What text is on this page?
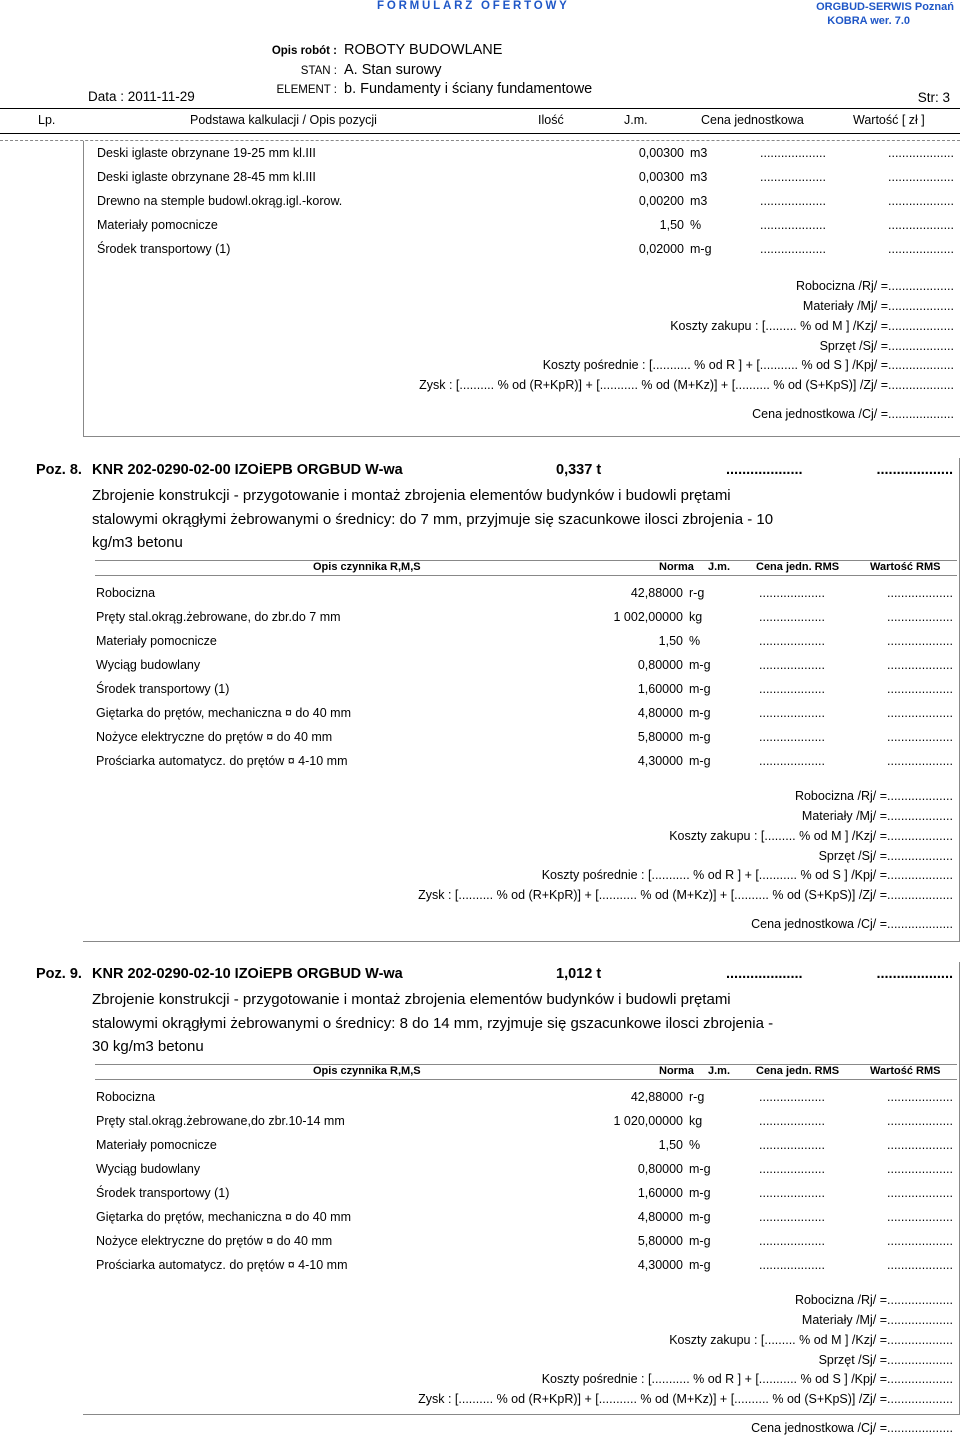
FORMULARZ OFERTOWY	ORGBUD-SERWIS Poznań
KOBRA wer. 7.0
Opis robót : ROBOTY BUDOWLANE
STAN : A. Stan surowy
ELEMENT : b. Fundamenty i ściany fundamentowe
Data : 2011-11-29	Str: 3
Lp.	Podstawa kalkulacji / Opis pozycji	Ilość	J.m.	Cena jednostkowa	Wartość [ zł ]
Deski iglaste obrzynane 19-25 mm kl.III	0,00300 m3	...................	...................
Deski iglaste obrzynane 28-45 mm kl.III	0,00300 m3	...................	...................
Drewno na stemple budowl.okrąg.igl.-korow.	0,00200 m3	...................	...................
Materiały pomocnicze	1,50 %	...................	...................
Środek transportowy (1)	0,02000 m-g	...................	...................
Robocizna /Rj/ =...................
Materiały /Mj/ =...................
Koszty zakupu : [......... % od M ] /Kzj/ =...................
Sprzęt /Sj/ =...................
Koszty pośrednie : [........... % od R ] + [........... % od S ] /Kpj/ =...................
Zysk : [.......... % od (R+KpR)] + [........... % od (M+Kz)] + [.......... % od (S+KpS)] /Zj/ =...................
Cena jednostkowa /Cj/ =...................
Poz. 8. KNR 202-0290-02-00 IZOiEPB ORGBUD W-wa	0,337 t	...................	...................
Zbrojenie konstrukcji - przygotowanie i montaż zbrojenia elementów budynków i budowli prętami stalowymi okrągłymi żebrowanymi o średnicy: do 7 mm, przyjmuje się szacunkowe ilosci zbrojenia - 10 kg/m3 betonu
Opis czynnika R,M,S	Norma J.m. Cena jedn. RMS	Wartość RMS
Robocizna	42,88000 r-g	...................	...................
Pręty stal.okrąg.żebrowane, do zbr.do 7 mm	1 002,00000 kg	...................	...................
Materiały pomocnicze	1,50 %	...................	...................
Wyciąg budowlany	0,80000 m-g	...................	...................
Środek transportowy (1)	1,60000 m-g	...................	...................
Giętarka do prętów, mechaniczna ¤ do 40 mm	4,80000 m-g	...................	...................
Nożyce elektryczne do prętów ¤ do 40 mm	5,80000 m-g	...................	...................
Prościarka automatycz. do prętów ¤ 4-10 mm	4,30000 m-g	...................	...................
Robocizna /Rj/ =...................
Materiały /Mj/ =...................
Koszty zakupu : [......... % od M ] /Kzj/ =...................
Sprzęt /Sj/ =...................
Koszty pośrednie : [........... % od R ] + [........... % od S ] /Kpj/ =...................
Zysk : [.......... % od (R+KpR)] + [........... % od (M+Kz)] + [.......... % od (S+KpS)] /Zj/ =...................
Cena jednostkowa /Cj/ =...................
Poz. 9. KNR 202-0290-02-10 IZOiEPB ORGBUD W-wa	1,012 t	...................	...................
Zbrojenie konstrukcji - przygotowanie i montaż zbrojenia elementów budynków i budowli prętami stalowymi okrągłymi żebrowanymi o średnicy: 8 do 14 mm, rzyjmuje się gszacunkowe ilosci zbrojenia - 30 kg/m3 betonu
Opis czynnika R,M,S	Norma J.m. Cena jedn. RMS	Wartość RMS
Robocizna	42,88000 r-g	...................	...................
Pręty stal.okrąg.żebrowane,do zbr.10-14 mm	1 020,00000 kg	...................	...................
Materiały pomocnicze	1,50 %	...................	...................
Wyciąg budowlany	0,80000 m-g	...................	...................
Środek transportowy (1)	1,60000 m-g	...................	...................
Giętarka do prętów, mechaniczna ¤ do 40 mm	4,80000 m-g	...................	...................
Nożyce elektryczne do prętów ¤ do 40 mm	5,80000 m-g	...................	...................
Prościarka automatycz. do prętów ¤ 4-10 mm	4,30000 m-g	...................	...................
Robocizna /Rj/ =...................
Materiały /Mj/ =...................
Koszty zakupu : [......... % od M ] /Kzj/ =...................
Sprzęt /Sj/ =...................
Koszty pośrednie : [........... % od R ] + [........... % od S ] /Kpj/ =...................
Zysk : [.......... % od (R+KpR)] + [........... % od (M+Kz)] + [.......... % od (S+KpS)] /Zj/ =...................
Cena jednostkowa /Cj/ =...................
